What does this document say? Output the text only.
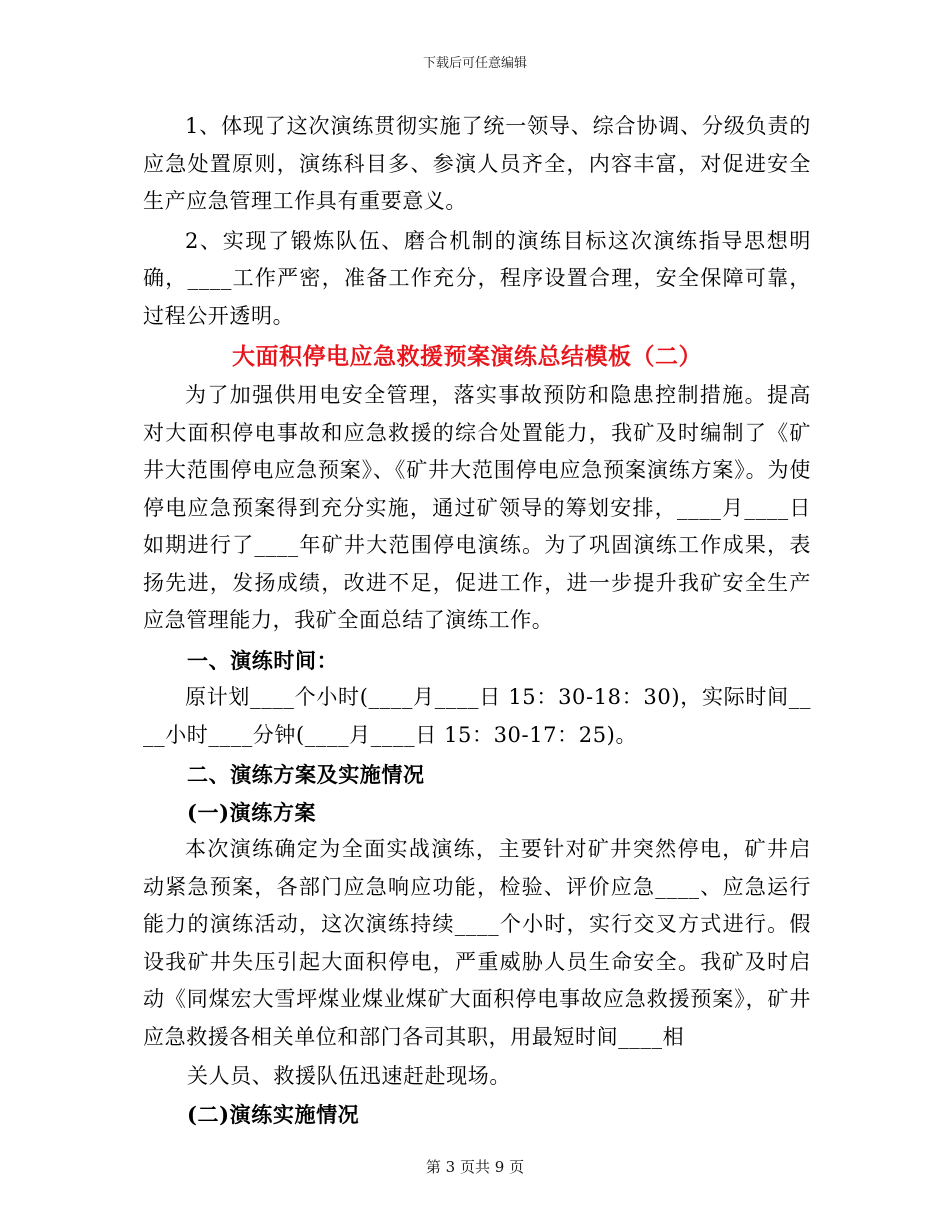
下载后可任意编辑

1、体现了这次演练贯彻实施了统一领导、综合协调、分级负责的应急处置原则，演练科目多、参演人员齐全，内容丰富，对促进安全生产应急管理工作具有重要意义。

2、实现了锻炼队伍、磨合机制的演练目标这次演练指导思想明确，____工作严密，准备工作充分，程序设置合理，安全保障可靠，过程公开透明。

大面积停电应急救援预案演练总结模板（二）

为了加强供用电安全管理，落实事故预防和隐患控制措施。提高对大面积停电事故和应急救援的综合处置能力，我矿及时编制了《矿井大范围停电应急预案》、《矿井大范围停电应急预案演练方案》。为使停电应急预案得到充分实施，通过矿领导的筹划安排，____月____日如期进行了____年矿井大范围停电演练。为了巩固演练工作成果，表扬先进，发扬成绩，改进不足，促进工作，进一步提升我矿安全生产应急管理能力，我矿全面总结了演练工作。

一、演练时间：

原计划____个小时(____月____日 15：30-18：30)，实际时间____小时____分钟(____月____日 15：30-17：25)。

二、演练方案及实施情况

(一)演练方案

本次演练确定为全面实战演练，主要针对矿井突然停电，矿井启动紧急预案，各部门应急响应功能，检验、评价应急____、应急运行能力的演练活动，这次演练持续____个小时，实行交叉方式进行。假设我矿井失压引起大面积停电，严重威胁人员生命安全。我矿及时启动《同煤宏大雪坪煤业煤业煤矿大面积停电事故应急救援预案》，矿井应急救援各相关单位和部门各司其职，用最短时间____相

关人员、救援队伍迅速赶赴现场。

(二)演练实施情况

第 3 页共 9 页
